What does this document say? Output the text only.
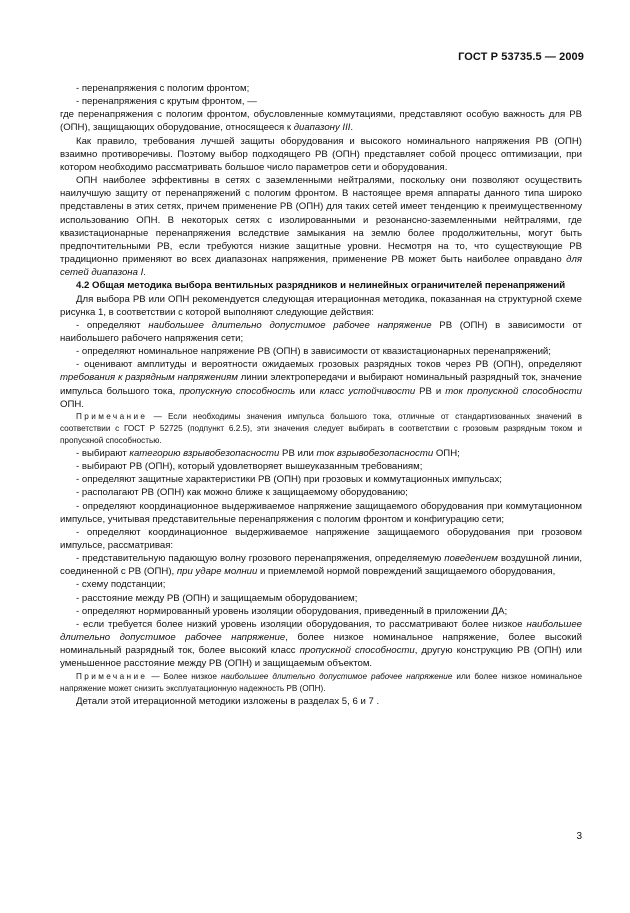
ГОСТ Р 53735.5 — 2009

- перенапряжения с пологим фронтом;

- перенапряжения с крутым фронтом, —

где перенапряжения с пологим фронтом, обусловленные коммутациями, представляют особую важность для РВ (ОПН), защищающих оборудование, относящееся к диапазону III.

Как правило, требования лучшей защиты оборудования и высокого номинального напряжения РВ (ОПН) взаимно противоречивы. Поэтому выбор подходящего РВ (ОПН) представляет собой процесс оптимизации, при котором необходимо рассматривать большое число параметров сети и оборудования.

ОПН наиболее эффективны в сетях с заземленными нейтралями, поскольку они позволяют осуществить наилучшую защиту от перенапряжений с пологим фронтом. В настоящее время аппараты данного типа широко представлены в этих сетях, причем применение РВ (ОПН) для таких сетей имеет тенденцию к преимущественному использованию ОПН. В некоторых сетях с изолированными и резонансно-заземленными нейтралями, где квазистационарные перенапряжения вследствие замыкания на землю более продолжительны, могут быть предпочтительными РВ, если требуются низкие защитные уровни. Несмотря на то, что существующие РВ традиционно применяют во всех диапазонах напряжения, применение РВ может быть наиболее оправдано для сетей диапазона I.

4.2 Общая методика выбора вентильных разрядников и нелинейных ограничителей перенапряжений

Для выбора РВ или ОПН рекомендуется следующая итерационная методика, показанная на структурной схеме рисунка 1, в соответствии с которой выполняют следующие действия:

- определяют наибольшее длительно допустимое рабочее напряжение РВ (ОПН) в зависимости от наибольшего рабочего напряжения сети;

- определяют номинальное напряжение РВ (ОПН) в зависимости от квазистационарных перенапряжений;

- оценивают амплитуды и вероятности ожидаемых грозовых разрядных токов через РВ (ОПН), определяют требования к разрядным напряжениям линии электропередачи и выбирают номинальный разрядный ток, значение импульса большого тока, пропускную способность или класс устойчивости РВ и ток пропускной способности ОПН.

Примечание — Если необходимы значения импульса большого тока, отличные от стандартизованных значений в соответствии с ГОСТ Р 52725 (подпункт 6.2.5), эти значения следует выбирать в соответствии с грозовым разрядным током и пропускной способностью.

- выбирают категорию взрывобезопасности РВ или ток взрывобезопасности ОПН;

- выбирают РВ (ОПН), который удовлетворяет вышеуказанным требованиям;

- определяют защитные характеристики РВ (ОПН) при грозовых и коммутационных импульсах;

- располагают РВ (ОПН) как можно ближе к защищаемому оборудованию;

- определяют координационное выдерживаемое напряжение защищаемого оборудования при коммутационном импульсе, учитывая представительные перенапряжения с пологим фронтом и конфигурацию сети;

- определяют координационное выдерживаемое напряжение защищаемого оборудования при грозовом импульсе, рассматривая:

- представительную падающую волну грозового перенапряжения, определяемую поведением воздушной линии, соединенной с РВ (ОПН), при ударе молнии и приемлемой нормой повреждений защищаемого оборудования,

- схему подстанции;

- расстояние между РВ (ОПН) и защищаемым оборудованием;

- определяют нормированный уровень изоляции оборудования, приведенный в приложении ДА;

- если требуется более низкий уровень изоляции оборудования, то рассматривают более низкое наибольшее длительно допустимое рабочее напряжение, более низкое номинальное напряжение, более высокий номинальный разрядный ток, более высокий класс пропускной способности, другую конструкцию РВ (ОПН) или уменьшенное расстояние между РВ (ОПН) и защищаемым объектом.

Примечание — Более низкое наибольшее длительно допустимое рабочее напряжение или более низкое номинальное напряжение может снизить эксплуатационную надежность РВ (ОПН).

Детали этой итерационной методики изложены в разделах 5, 6 и 7 .

3
